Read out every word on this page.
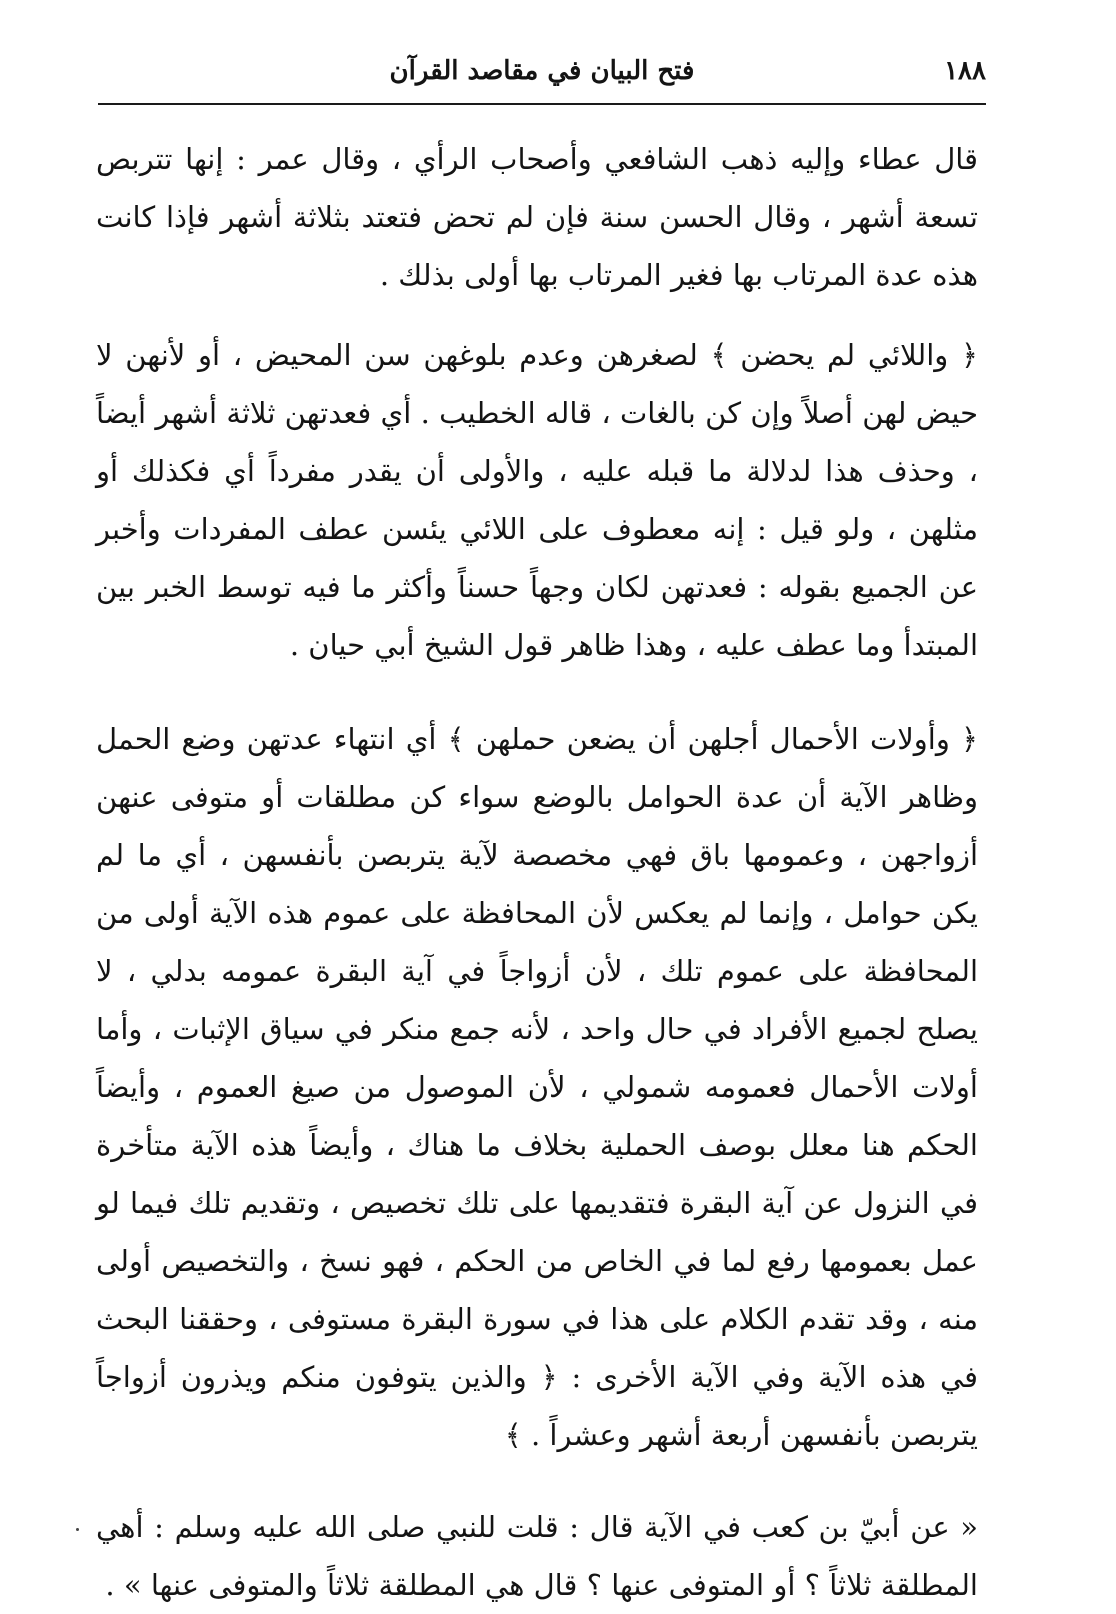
١٨٨
فتح البيان في مقاصد القرآن

قال عطاء وإليه ذهب الشافعي وأصحاب الرأي ، وقال عمر : إنها تتربص تسعة أشهر ، وقال الحسن سنة فإن لم تحض فتعتد بثلاثة أشهر فإذا كانت هذه عدة المرتاب بها فغير المرتاب بها أولى بذلك .

﴿ واللائي لم يحضن ﴾ لصغرهن وعدم بلوغهن سن المحيض ، أو لأنهن لا حيض لهن أصلاً وإن كن بالغات ، قاله الخطيب . أي فعدتهن ثلاثة أشهر أيضاً ، وحذف هذا لدلالة ما قبله عليه ، والأولى أن يقدر مفرداً أي فكذلك أو مثلهن ، ولو قيل : إنه معطوف على اللائي يئسن عطف المفردات وأخبر عن الجميع بقوله : فعدتهن لكان وجهاً حسناً وأكثر ما فيه توسط الخبر بين المبتدأ وما عطف عليه ، وهذا ظاهر قول الشيخ أبي حيان .

﴿ وأولات الأحمال أجلهن أن يضعن حملهن ﴾ أي انتهاء عدتهن وضع الحمل وظاهر الآية أن عدة الحوامل بالوضع سواء كن مطلقات أو متوفى عنهن أزواجهن ، وعمومها باق فهي مخصصة لآية يتربصن بأنفسهن ، أي ما لم يكن حوامل ، وإنما لم يعكس لأن المحافظة على عموم هذه الآية أولى من المحافظة على عموم تلك ، لأن أزواجاً في آية البقرة عمومه بدلي ، لا يصلح لجميع الأفراد في حال واحد ، لأنه جمع منكر في سياق الإثبات ، وأما أولات الأحمال فعمومه شمولي ، لأن الموصول من صيغ العموم ، وأيضاً الحكم هنا معلل بوصف الحملية بخلاف ما هناك ، وأيضاً هذه الآية متأخرة في النزول عن آية البقرة فتقديمها على تلك تخصيص ، وتقديم تلك فيما لو عمل بعمومها رفع لما في الخاص من الحكم ، فهو نسخ ، والتخصيص أولى منه ، وقد تقدم الكلام على هذا في سورة البقرة مستوفى ، وحققنا البحث في هذه الآية وفي الآية الأخرى : ﴿ والذين يتوفون منكم ويذرون أزواجاً يتربصن بأنفسهن أربعة أشهر وعشراً . ﴾

« عن أبيّ بن كعب في الآية قال : قلت للنبي صلى الله عليه وسلم : أهي المطلقة ثلاثاً ؟ أو المتوفى عنها ؟ قال هي المطلقة ثلاثاً والمتوفى عنها » .
